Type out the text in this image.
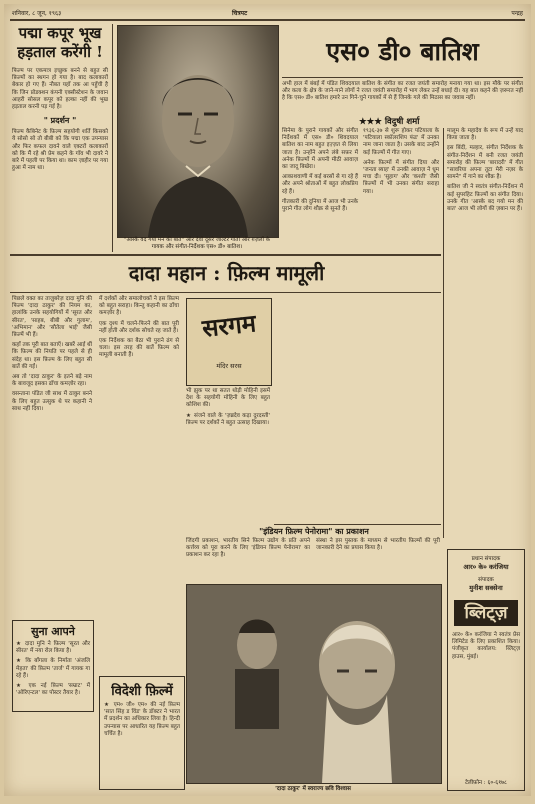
शनिवार, ८ जून, १९६३	चित्रपट	पन्द्रह
पद्मा कपूर भूख हड़ताल करेंगी !

फिल्म पर एकमात्र इच्छुक बनने से बहुत सी फ़िल्मों का स्थगन हो गया है। बाद कलाकारों बेकार हो गए हैं। नौबत यहाँ तक आ पहुँची है कि जिन प्रोडक्शन कंपनी एक्सीस्टेशन के जवान आहरी सोसल कपूर को हल्का नहीं की भूख हड़ताल करनी पड़ गई है।

" प्रदर्शन "
फिल्म कैबिनेट के फ़िल्म सहयोगी शर्ति किसको ये सोसो सो तो बीबी को कि पद्मा एक उपन्यास और फिर कफल दावने वाले एक्टरों कलाकारों को कि मैं रहे श्री प्रेम कहने के गाँव भी दावरे ने बारे में पहली पर किया था। काम ज़ाहीर पर गया हुआ में नाम था।
"आस्के वद गयो मन की बात" और देवों दूसरे जाल्टर गीतों और ग़ज़लों के गायक और संगीत-निर्देशक एस० डी० बातिश।
एस० डी० बातिश
अभी हाल में बंबई में पंडित शिवदयाल बातिश के संगीत का रजत जयंती समारोह मनाया गया था। इस मौके पर संगीत और कला के क्षेत्र के जाने-माने लोगों ने रजत जयंती समारोह में भाग लेकर उन्हें बधाई दी। यह बात कहने की ज़रूरत नहीं है कि एस० डी० बातिश हमारे उन गिने-चुने गायकों में से हैं जिनके गले की मिठास का जवाब नहीं।
★★★ विदुषी शर्मा

सिनेमा के पुराने गायकों और संगीत निर्देशकों में एस० डी० शिवदयाल बातिश का नाम बहुत इज़्ज़त से लिया जाता है। उन्होंने अपने लंबे सफ़र में अनेक फ़िल्मों में अपनी मीठी आवाज़ का जादू बिखेरा।

आकाशवाणी में कई बरसों से गा रहे हैं और अपने श्रोताओं में बहुत लोकप्रिय रहे हैं।

गीतकारी की दुनिया में आज भी उनके पुराने गीत लोग शौक़ से सुनते हैं।

१९३६-३७ से शुरू होकर पटियाला के 'पटियाला स्कॉलरशिप फंड' में उनका नाम जाना जाता है। उसके बाद उन्होंने कई फ़िल्मों में गीत गाए।

अनेक फ़िल्मों में संगीत दिया और 'जनता ब्याह' में उनकी आवाज़ ने धूम मचा दी। 'सुहाग' और 'कश्ती' जैसी फ़िल्मों में भी उनका संगीत सराहा गया।

मालूम के महादेव के रूप में उन्हें याद किया जाता है।

इस बिंदी, मल्हार, संगीत निर्देशक के संगीत-निर्देशन में बनी रजत जयंती समारोह की फ़िल्म 'बारादरी' में गीत "सावरिया अपना तूटा मेरी नज़र के सामने" में गाने का शौक़ है।

बातिश जी ने स्वतंत्र संगीत-निर्देशन में कई सुपरहिट फ़िल्मों का संगीत दिया। उनके गीत 'आस्के बद गयो मन की बात' आज भी लोगों की ज़बान पर हैं।

दादा महान : फ़िल्म मामूली

पिछले वक्त का ताज़ुबरेज़ दादा मुनि की फिल्म 'दादा ठाकुर' की नियम का, हालांकि उनके सहयोगियों में 'सूरत और सीरत', 'साहब, बीबी और गुलाम', 'अभिमान' और 'सौतेला भाई' जैसी फ़िल्में भी हैं।

कहाँ तक पूरी बात बताएँ। खबरें आई थीं कि फ़िल्म की नियति पर पहले से ही संदेह था। इस फ़िल्म के लिए बहुत सी बातें की गईं।

अब तो 'दादा ठाकुर' के इतने बड़े नाम के बावजूद इसका ढाँचा कमज़ोर रहा।

वसन्ताना पंडित जी साथ में ठाकुर बनने के लिए बहुत उत्सुक थे पर कहानी ने साथ नहीं दिया।

में दर्शकों और समालोचकों ने इस फ़िल्म को बहुत सराहा। किन्तु कहानी का ढाँचा कमज़ोर है।

एक दृश्य में चलने-फिरने की बात पूरी नहीं होती और दर्शक सोचते रह जाते हैं।

एक निर्देशक का बैठा भी पुराने ढंग से चला। इस तरह की बातें फ़िल्म को मामूली बनाती हैं।

सरगम
मंदिर सरस

भी झुक पर था सतत थोड़ी मोहिनी इसमें देश के सहयोगी मोहिनी के लिए बहुत कोशिश की।

★ संजने वाले के 'ज़ब्रदेव कड़ा दुरदस्ती' फ़िल्म पर दर्शकों ने बहुत उत्साह दिखाया।

"इंडियन फ़िल्म पेनोरामा" का प्रकाशन
जिंदगी प्रकाशन, भारतीय सिने फ़िल्म उद्योग के प्रति अपने कर्त्तव्य को पूरा करने के लिए 'इंडियन फ़िल्म पेनोरामा' का प्रकाशन कर रहा है।
संस्था ने इस पुस्तक के माध्यम से भारतीय फ़िल्मों की पूरी जानकारी देने का प्रयास किया है।
सुना आपने

★ दादा मुनि ने फ़िल्म 'सूरत और सीरत' में नया रोल किया है।

★ कि बाँगला के निर्माता 'अंजलि मेहता' की फ़िल्म 'तार्ज' में गायक गा रहे हैं।

★ एक नई फ़िल्म 'सम्राट' में 'ओरिएन्टल' का पोस्टर तैयार है।	विदेशी फ़िल्में
★ एम० जी० एम० की नई फ़िल्म 'सात सिंह ड विंड' के डॉक्टर ने भारत में प्रदर्शन का अधिकार लिया है। हिन्दी उपन्यास पर आधारित यह फ़िल्म बहुत चर्चित है।
'दादा ठाकुर' में स्वराज्य छवि विश्वास
प्रधान संपादक
आर० के० करंजिया
संपादक
मुनीश सक्सेना
ब्लिट्ज़
आर० के० करंजिया ने स्वतंत्र प्रेस लिमिटेड के लिए प्रकाशित किया। पंजीकृत कार्यालय: ब्लिट्ज़ हाउस, मुंबई।
टेलीफ़ोन : ६०-६१७८
